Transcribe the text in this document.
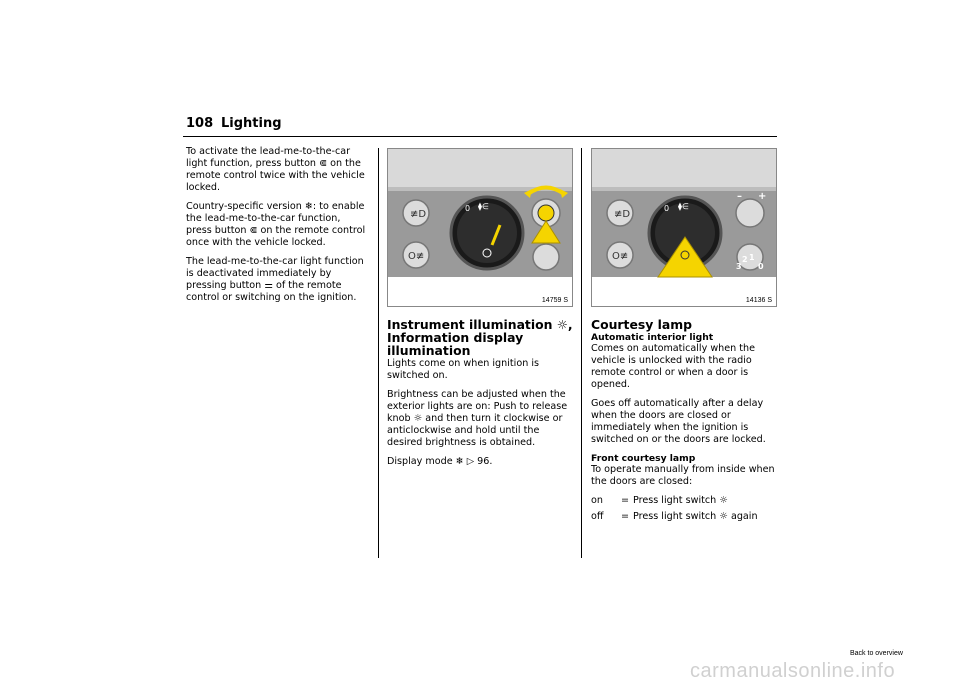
108 Lighting

To activate the lead-me-to-the-car light function, press button ⋐ on the remote control twice with the vehicle locked.

Country-specific version ❄: to enable the lead-me-to-the-car function, press button ⋐ on the remote control once with the vehicle locked.

The lead-me-to-the-car light function is deactivated immediately by pressing button ⚌ of the remote control or switching on the ignition.

≢D
O≢
0 ⧫∈
14759 S
≢D
O≢
0 ⧫∈
3
2 1
0
– +
14136 S
Instrument illumination ☼, Information display illumination

Lights come on when ignition is switched on.

Brightness can be adjusted when the exterior lights are on: Push to release knob ☼ and then turn it clockwise or anticlockwise and hold until the desired brightness is obtained.

Display mode ❄ ▷ 96.

Courtesy lamp
Automatic interior light

Comes on automatically when the vehicle is unlocked with the radio remote control or when a door is opened.

Goes off automatically after a delay when the doors are closed or immediately when the ignition is switched on or the doors are locked.

Front courtesy lamp

To operate manually from inside when the doors are closed:

on	=	Press light switch ☼
off	=	Press light switch ☼ again
Back to overview
carmanualsonline.info
